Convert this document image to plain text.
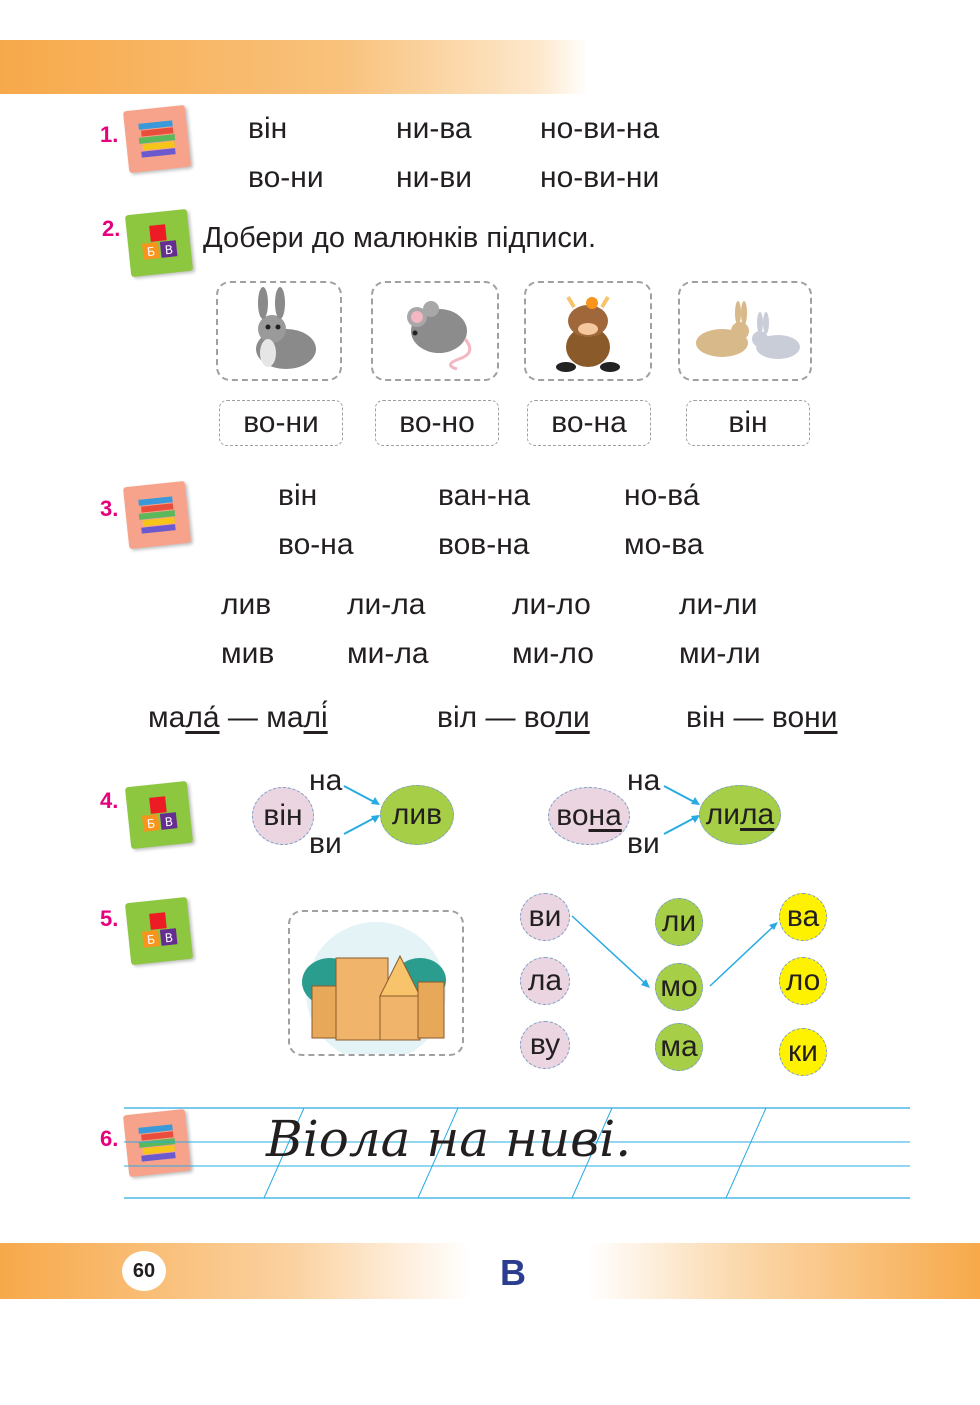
60	В
1.	він	ни-ва но-ви-на
во-ни ни-ви но-ви-ни
2.
Б В Добери до малюнків підписи.
во-ни	во-но	во-на	він
3.	він	ван-на	но-ва́
во-на	вов-на	мо-ва
лив	ли-ла	ли-ло	ли-ли
мив ми-ла	ми-ло	ми-ли
мала́ — малі́	віл — воли	він — вони
4.
Б В	він
на
ви
лив	вона
на
ви
лила
5.
Б В
ви
ла
ву
ли
мо
ма
ва
ло
ки
6.	Віола на ниві.
